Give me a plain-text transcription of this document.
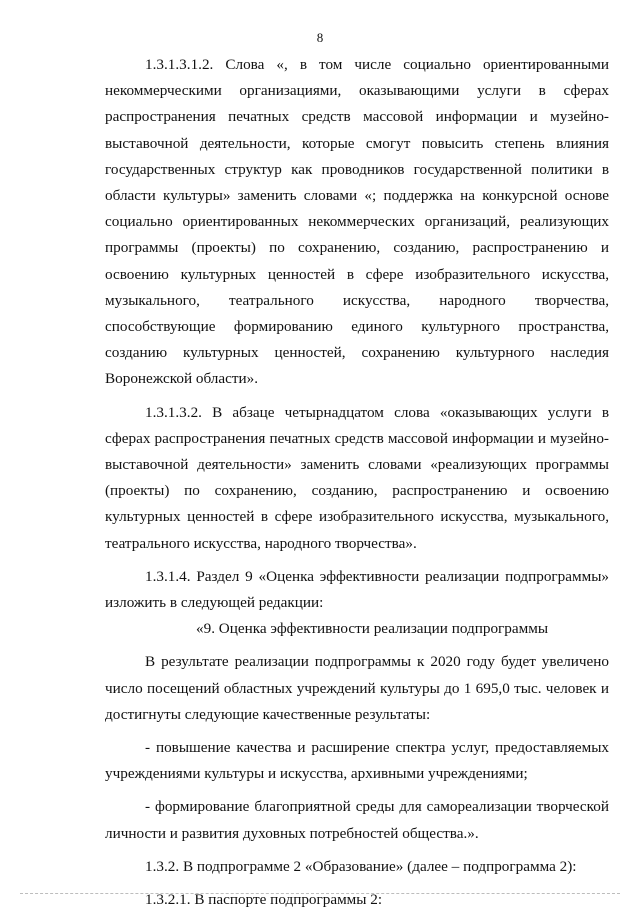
8

1.3.1.3.1.2. Слова «, в том числе социально ориентированными некоммерческими организациями, оказывающими услуги в сферах распространения печатных средств массовой информации и музейно-выставочной деятельности, которые смогут повысить степень влияния государственных структур как проводников государственной политики в области культуры» заменить словами «; поддержка на конкурсной основе социально ориентированных некоммерческих организаций, реализующих программы (проекты) по сохранению, созданию, распространению и освоению культурных ценностей в сфере изобразительного искусства, музыкального, театрального искусства, народного творчества, способствующие формированию единого культурного пространства, созданию культурных ценностей, сохранению культурного наследия Воронежской области».

1.3.1.3.2. В абзаце четырнадцатом слова «оказывающих услуги в сферах распространения печатных средств массовой информации и музейно-выставочной деятельности» заменить словами «реализующих программы (проекты) по сохранению, созданию, распространению и освоению культурных ценностей в сфере изобразительного искусства, музыкального, театрального искусства, народного творчества».

1.3.1.4. Раздел 9 «Оценка эффективности реализации подпрограммы» изложить в следующей редакции:

«9. Оценка эффективности реализации подпрограммы

В результате реализации подпрограммы к 2020 году будет увеличено число посещений областных учреждений культуры до 1 695,0 тыс. человек и достигнуты следующие качественные результаты:

- повышение качества и расширение спектра услуг, предоставляемых учреждениями культуры и искусства, архивными учреждениями;

- формирование благоприятной среды для самореализации творческой личности и развития духовных потребностей общества.».

1.3.2. В подпрограмме 2 «Образование» (далее – подпрограмма 2):

1.3.2.1. В паспорте подпрограммы 2:
